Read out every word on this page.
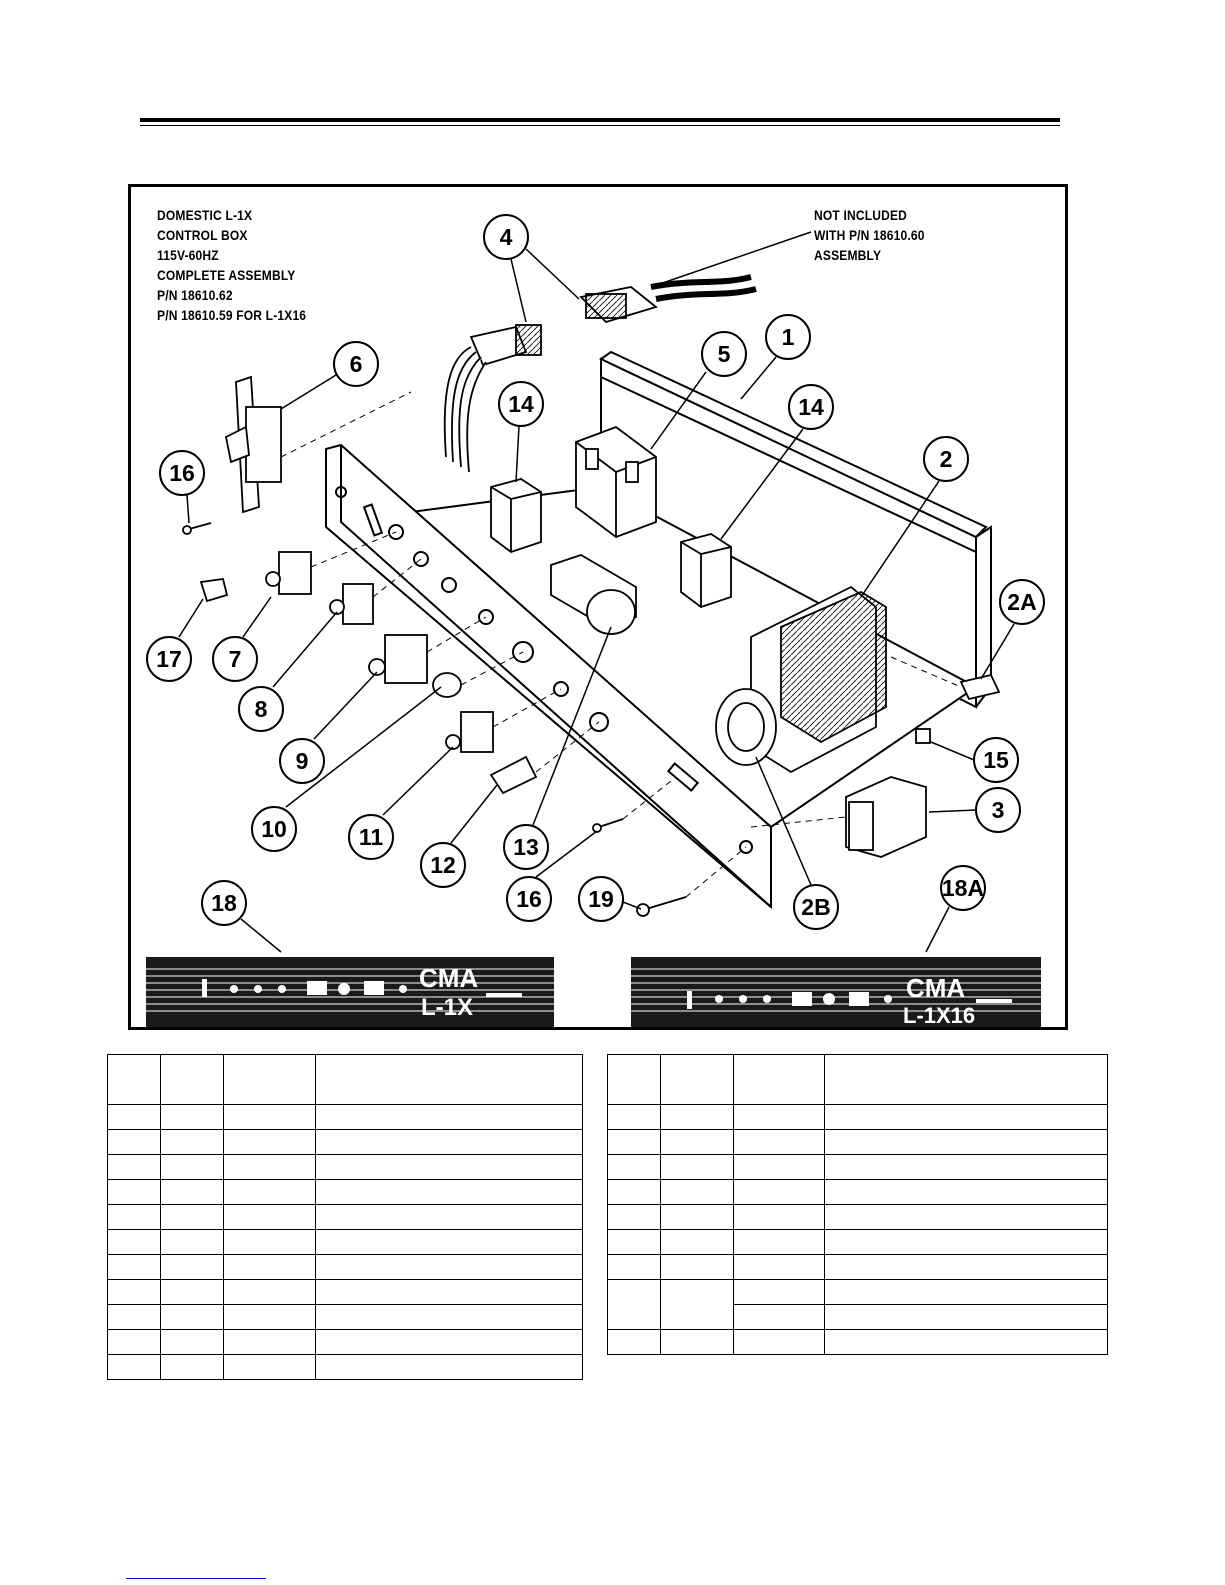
DOMESTIC L-1X
CONTROL BOX
115V-60HZ
COMPLETE ASSEMBLY
P/N 18610.62
P/N 18610.59 FOR L-1X16
NOT INCLUDED
WITH P/N 18610.60
ASSEMBLY
4
1
5
6
14	14
2
16
2A
17 7
8
9	15
3
10	11
12
13
16 19	2B
18
18A
CMA
L-1X
CMA
L-1X16
